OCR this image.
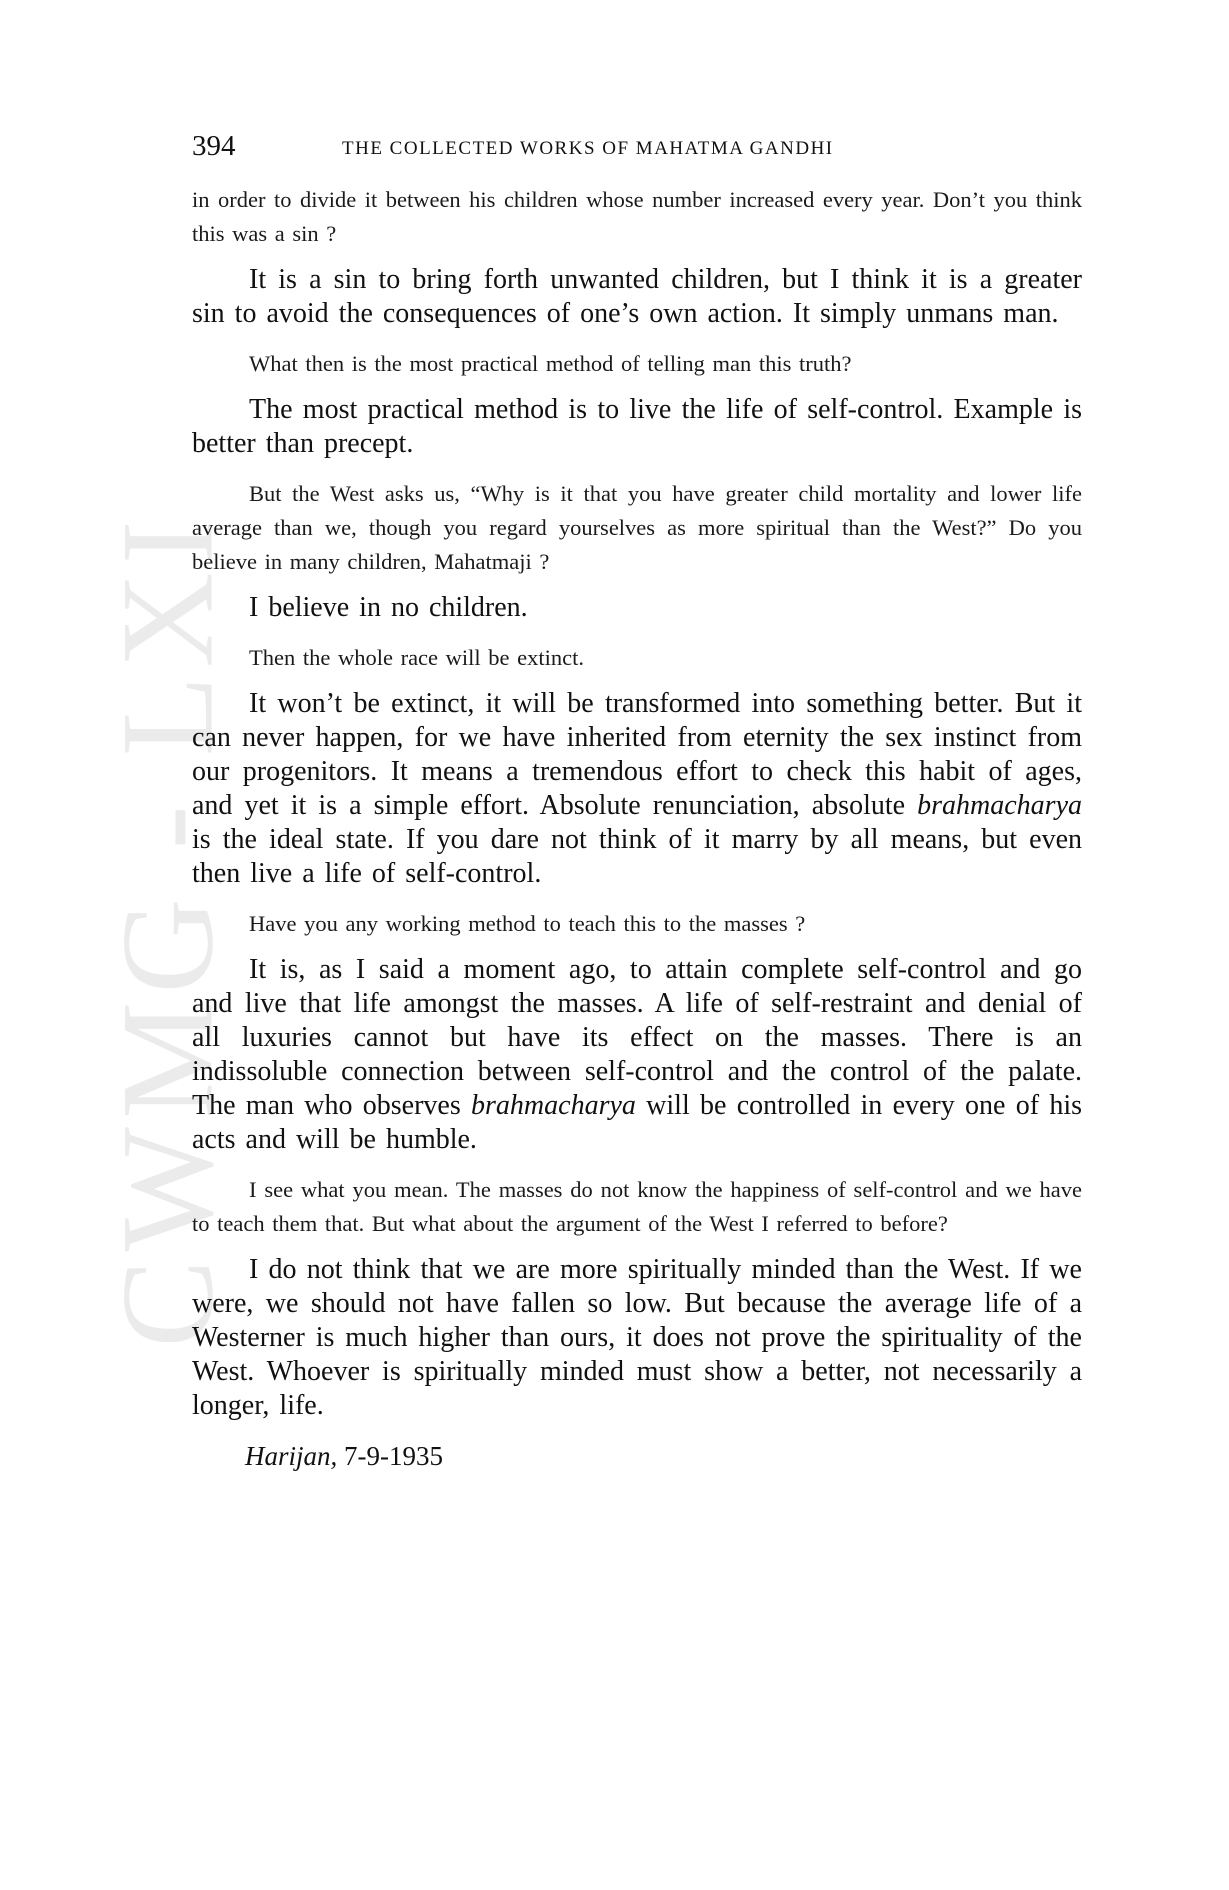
CWMG - LXI
394	THE COLLECTED WORKS OF MAHATMA GANDHI

in order to divide it between his children whose number increased every year. Don’t you think this was a sin ?

It is a sin to bring forth unwanted children, but I think it is a greater sin to avoid the consequences of one’s own action. It simply unmans man.

What then is the most practical method of telling man this truth?

The most practical method is to live the life of self-control. Example is better than precept.

But the West asks us, “Why is it that you have greater child mortality and lower life average than we, though you regard yourselves as more spiritual than the West?” Do you believe in many children, Mahatmaji ?

I believe in no children.

Then the whole race will be extinct.

It won’t be extinct, it will be transformed into something better. But it can never happen, for we have inherited from eternity the sex instinct from our progenitors. It means a tremendous effort to check this habit of ages, and yet it is a simple effort. Absolute renunciation, absolute brahmacharya is the ideal state. If you dare not think of it marry by all means, but even then live a life of self-control.

Have you any working method to teach this to the masses ?

It is, as I said a moment ago, to attain complete self-control and go and live that life amongst the masses. A life of self-restraint and denial of all luxuries cannot but have its effect on the masses. There is an indissoluble connection between self-control and the control of the palate. The man who observes brahmacharya will be controlled in every one of his acts and will be humble.

I see what you mean. The masses do not know the happiness of self-control and we have to teach them that. But what about the argument of the West I referred to before?

I do not think that we are more spiritually minded than the West. If we were, we should not have fallen so low. But because the average life of a Westerner is much higher than ours, it does not prove the spirituality of the West. Whoever is spiritually minded must show a better, not necessarily a longer, life.

Harijan, 7-9-1935
